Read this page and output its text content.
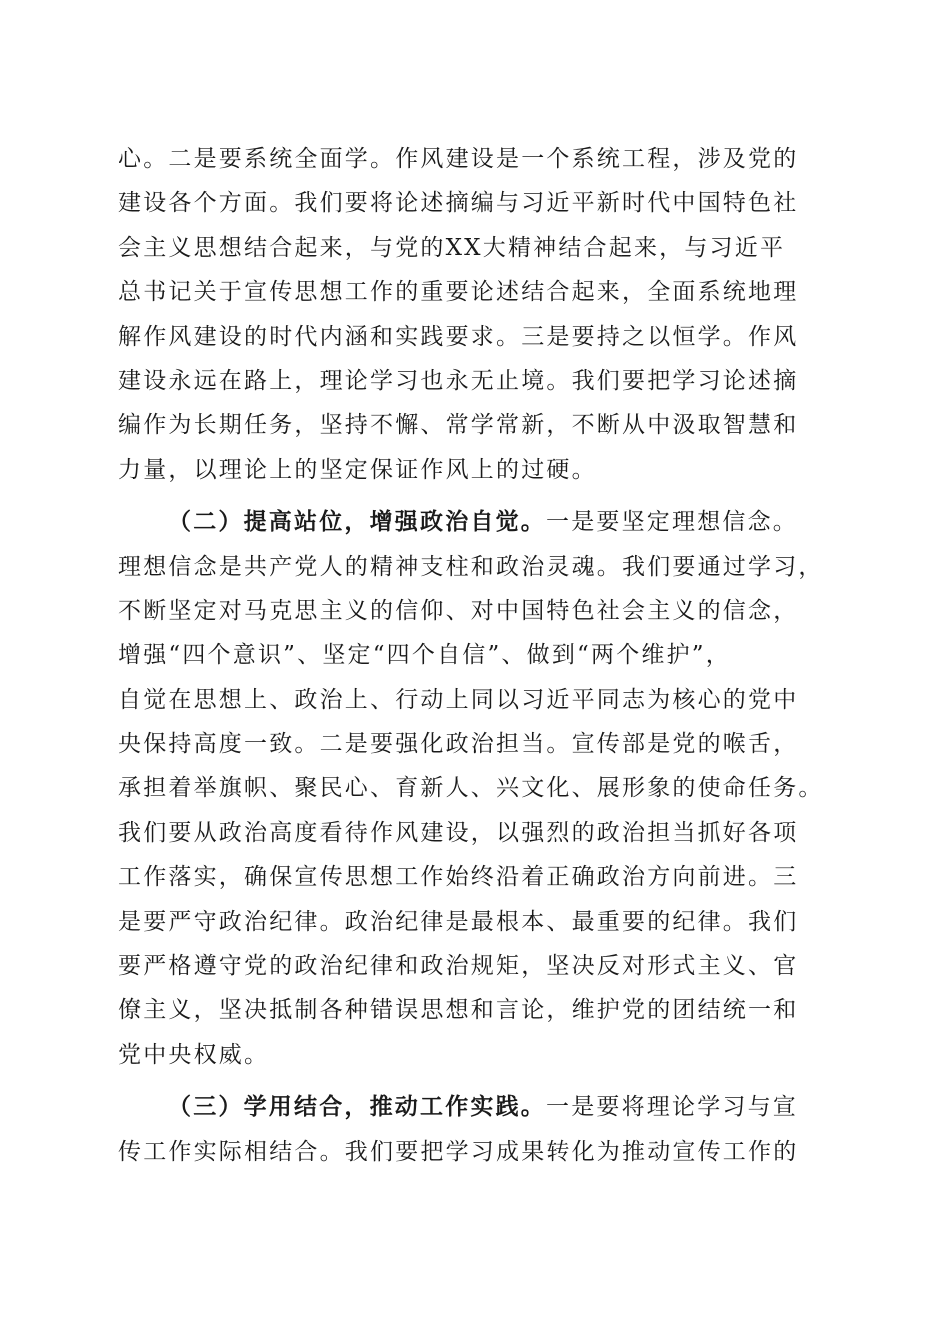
心。二是要系统全面学。作风建设是一个系统工程，涉及党的
建设各个方面。我们要将论述摘编与习近平新时代中国特色社
会主义思想结合起来，与党的XX大精神结合起来，与习近平
总书记关于宣传思想工作的重要论述结合起来，全面系统地理
解作风建设的时代内涵和实践要求。三是要持之以恒学。作风
建设永远在路上，理论学习也永无止境。我们要把学习论述摘
编作为长期任务，坚持不懈、常学常新，不断从中汲取智慧和
力量，以理论上的坚定保证作风上的过硬。
（二）提高站位，增强政治自觉。一是要坚定理想信念。
理想信念是共产党人的精神支柱和政治灵魂。我们要通过学习，
不断坚定对马克思主义的信仰、对中国特色社会主义的信念，
增强“四个意识”、坚定“四个自信”、做到“两个维护”，
自觉在思想上、政治上、行动上同以习近平同志为核心的党中
央保持高度一致。二是要强化政治担当。宣传部是党的喉舌，
承担着举旗帜、聚民心、育新人、兴文化、展形象的使命任务。
我们要从政治高度看待作风建设，以强烈的政治担当抓好各项
工作落实，确保宣传思想工作始终沿着正确政治方向前进。三
是要严守政治纪律。政治纪律是最根本、最重要的纪律。我们
要严格遵守党的政治纪律和政治规矩，坚决反对形式主义、官
僚主义，坚决抵制各种错误思想和言论，维护党的团结统一和
党中央权威。
（三）学用结合，推动工作实践。一是要将理论学习与宣
传工作实际相结合。我们要把学习成果转化为推动宣传工作的
